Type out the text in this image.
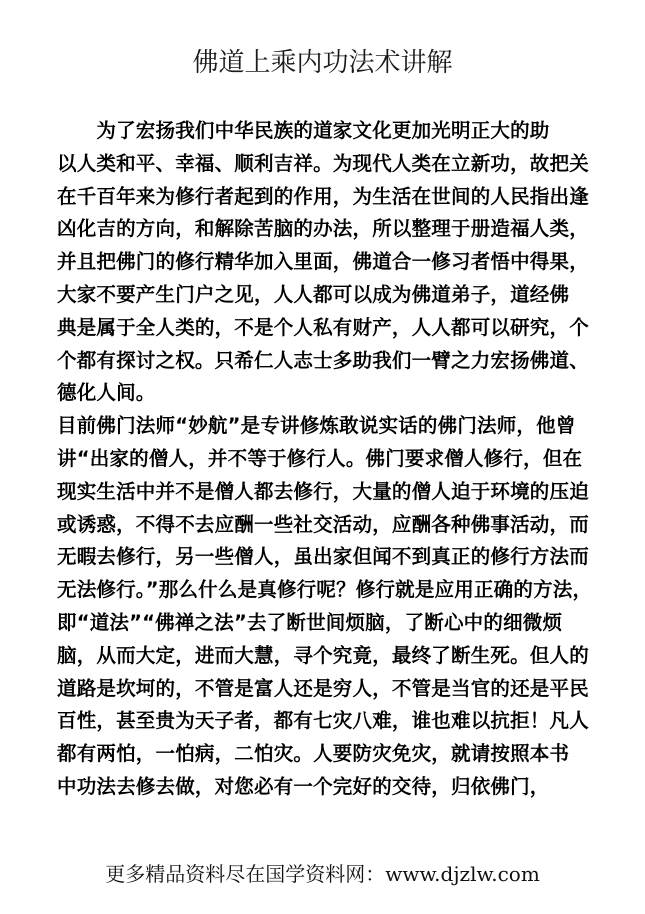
佛道上乘内功法术讲解
　　为了宏扬我们中华民族的道家文化更加光明正大的助
以人类和平、幸福、顺利吉祥。为现代人类在立新功，故把关
在千百年来为修行者起到的作用，为生活在世间的人民指出逢
凶化吉的方向，和解除苦脑的办法，所以整理于册造福人类，
并且把佛门的修行精华加入里面，佛道合一修习者悟中得果，
大家不要产生门户之见，人人都可以成为佛道弟子，道经佛
典是属于全人类的，不是个人私有财产，人人都可以研究，个
个都有探讨之权。只希仁人志士多助我们一臂之力宏扬佛道、
德化人间。
目前佛门法师“妙航”是专讲修炼敢说实话的佛门法师，他曾
讲“出家的僧人，并不等于修行人。佛门要求僧人修行，但在
现实生活中并不是僧人都去修行，大量的僧人迫于环境的压迫
或诱惑，不得不去应酬一些社交活动，应酬各种佛事活动，而
无暇去修行，另一些僧人，虽出家但闻不到真正的修行方法而
无法修行。”那么什么是真修行呢？修行就是应用正确的方法，
即“道法”“佛禅之法”去了断世间烦脑，了断心中的细微烦
脑，从而大定，进而大慧，寻个究竟，最终了断生死。但人的
道路是坎坷的，不管是富人还是穷人，不管是当官的还是平民
百性，甚至贵为天子者，都有七灾八难，谁也难以抗拒！凡人
都有两怕，一怕病，二怕灾。人要防灾免灾，就请按照本书
中功法去修去做，对您必有一个完好的交待，归依佛门，
更多精品资料尽在国学资料网：www.djzlw.com
